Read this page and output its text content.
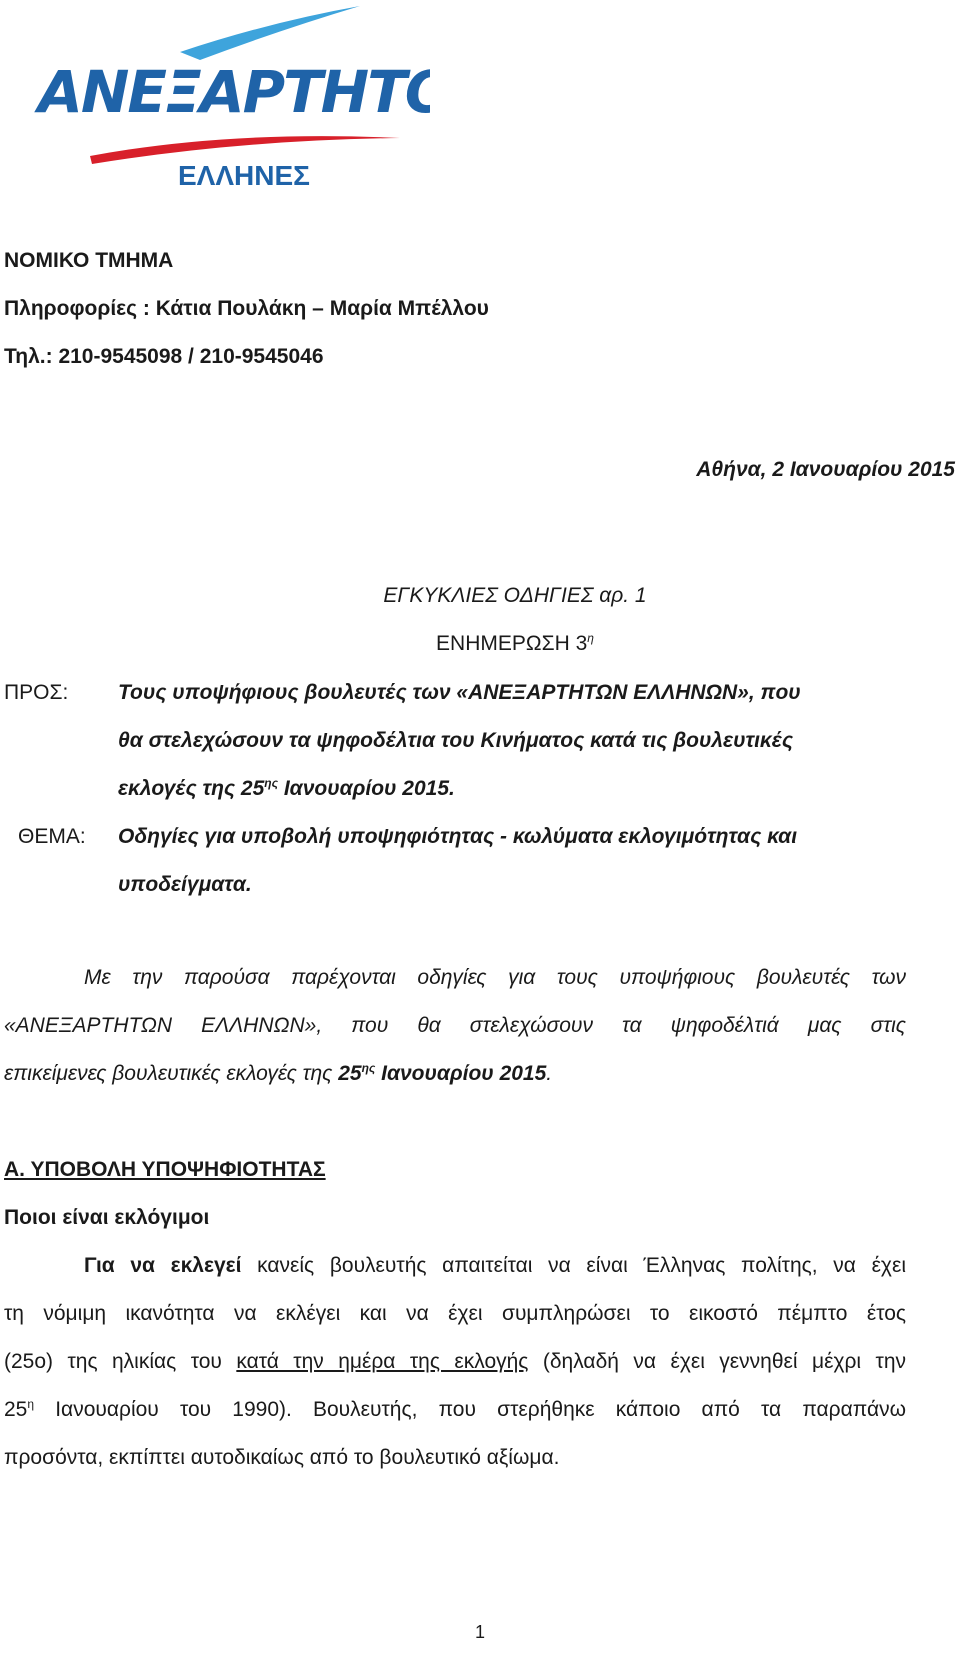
ΑΝΕΞΑΡΤΗΤΟΙ
ΕΛΛΗΝΕΣ
ΝΟΜΙΚΟ ΤΜΗΜΑ
Πληροφορίες : Κάτια Πουλάκη – Μαρία Μπέλλου
Τηλ.: 210-9545098 / 210-9545046
Αθήνα, 2 Ιανουαρίου 2015
ΕΓΚΥΚΛΙΕΣ ΟΔΗΓΙΕΣ αρ. 1
ΕΝΗΜΕΡΩΣΗ $3^\eta$
ΠΡΟΣ: Τους υποψήφιους βουλευτές των «ΑΝΕΞΑΡΤΗΤΩΝ ΕΛΛΗΝΩΝ», που
θα στελεχώσουν τα ψηφοδέλτια του Κινήματος κατά τις βουλευτικές
εκλογές της $25^{\eta\varsigma}$ Ιανουαρίου 2015.
ΘΕΜΑ: Οδηγίες για υποβολή υποψηφιότητας - κωλύματα εκλογιμότητας και
υποδείγματα.
Με την παρούσα παρέχονται οδηγίες για τους υποψήφιους βουλευτές των
«ΑΝΕΞΑΡΤΗΤΩΝ ΕΛΛΗΝΩΝ», που θα στελεχώσουν τα ψηφοδέλτιά μας στις
επικείμενες βουλευτικές εκλογές της $25^{\eta\varsigma}$ Ιανουαρίου 2015.
Α. ΥΠΟΒΟΛΗ ΥΠΟΨΗΦΙΟΤΗΤΑΣ
Ποιοι είναι εκλόγιμοι
Για να εκλεγεί κανείς βουλευτής απαιτείται να είναι Έλληνας πολίτης, να έχει
τη νόμιμη ικανότητα να εκλέγει και να έχει συμπληρώσει το εικοστό πέμπτο έτος
(25ο) της ηλικίας του κατά την ημέρα της εκλογής (δηλαδή να έχει γεννηθεί μέχρι την
$25^\eta$ Ιανουαρίου του 1990). Βουλευτής, που στερήθηκε κάποιο από τα παραπάνω
προσόντα, εκπίπτει αυτοδικαίως από το βουλευτικό αξίωμα.
1
